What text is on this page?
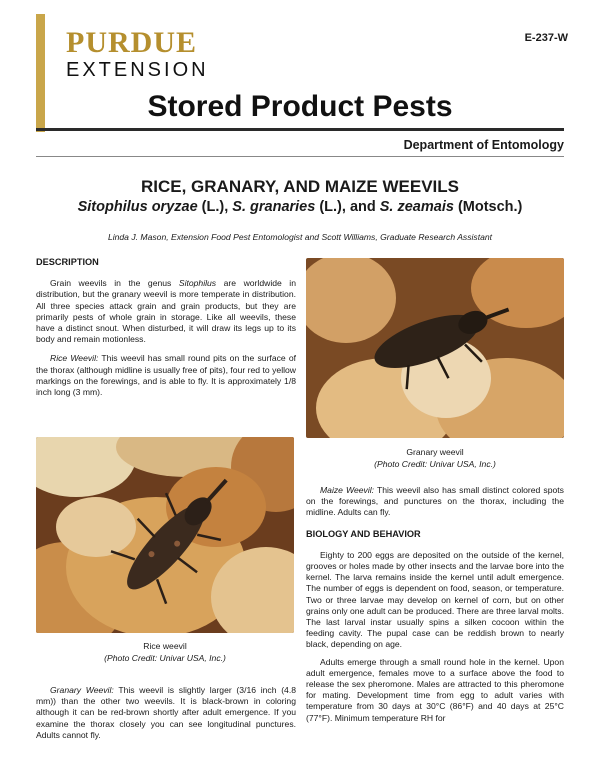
PURDUE
EXTENSION
E-237-W
Stored Product Pests
Department of Entomology
RICE, GRANARY, AND MAIZE WEEVILS
Sitophilus oryzae (L.), S. granaries (L.), and S. zeamais (Motsch.)
Linda J. Mason, Extension Food Pest Entomologist and Scott Williams, Graduate Research Assistant
DESCRIPTION

Grain weevils in the genus Sitophilus are worldwide in distribution, but the granary weevil is more temperate in distribution. All three species attack grain and grain products, but they are primarily pests of whole grain in storage. Like all weevils, these have a distinct snout. When disturbed, it will draw its legs up to its body and remain motionless.

Rice Weevil: This weevil has small round pits on the surface of the thorax (although midline is usually free of pits), four red to yellow markings on the forewings, and is able to fly. It is approximately 1/8 inch long (3 mm).

Rice weevil
(Photo Credit: Univar USA, Inc.)

Granary Weevil: This weevil is slightly larger (3/16 inch (4.8 mm)) than the other two weevils. It is black-brown in coloring although it can be red-brown shortly after adult emergence. If you examine the thorax closely you can see longitudinal punctures. Adults cannot fly.

Granary weevil
(Photo Credit: Univar USA, Inc.)

Maize Weevil: This weevil also has small distinct colored spots on the forewings, and punctures on the thorax, including the midline. Adults can fly.

BIOLOGY AND BEHAVIOR

Eighty to 200 eggs are deposited on the outside of the kernel, grooves or holes made by other insects and the larvae bore into the kernel. The larva remains inside the kernel until adult emergence. The number of eggs is dependent on food, season, or temperature. Two or three larvae may develop on kernel of corn, but on other grains only one adult can be produced. There are three larval molts. The last larval instar usually spins a silken cocoon within the feeding cavity. The pupal case can be reddish brown to nearly black, depending on age.

Adults emerge through a small round hole in the kernel. Upon adult emergence, females move to a surface above the food to release the sex pheromone. Males are attracted to this pheromone for mating. Development time from egg to adult varies with temperature from 30 days at 30°C (86°F) and 40 days at 25°C (77°F). Minimum temperature RH for
